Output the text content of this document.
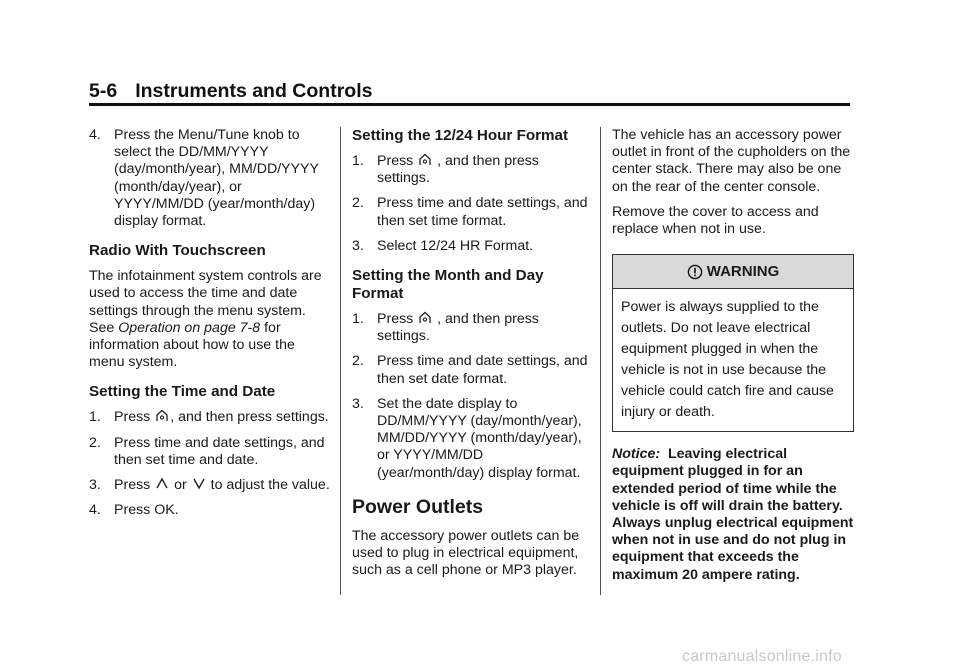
5-6 Instruments and Controls
4. Press the Menu/Tune knob to select the DD/MM/YYYY (day/month/year), MM/DD/YYYY (month/day/year), or YYYY/MM/DD (year/month/day) display format.
Radio With Touchscreen

The infotainment system controls are used to access the time and date settings through the menu system. See Operation on page 7‑8 for information about how to use the menu system.

Setting the Time and Date
1. Press
, and then press settings.
2. Press time and date settings, and then set time and date.
3. Press
or
to adjust the value.
4. Press OK.
Setting the 12/24 Hour Format
1. Press
, and then press settings.
2. Press time and date settings, and then set time format.
3. Select 12/24 HR Format.
Setting the Month and Day Format
1. Press
, and then press settings.
2. Press time and date settings, and then set date format.
3. Set the date display to DD/MM/YYYY (day/month/year), MM/DD/YYYY (month/day/year), or YYYY/MM/DD (year/month/day) display format.
Power Outlets

The accessory power outlets can be used to plug in electrical equipment, such as a cell phone or MP3 player.

The vehicle has an accessory power outlet in front of the cupholders on the center stack. There may also be one on the rear of the center console.

Remove the cover to access and replace when not in use.

WARNING
Power is always supplied to the outlets. Do not leave electrical equipment plugged in when the vehicle is not in use because the vehicle could catch fire and cause injury or death.

Notice: Leaving electrical equipment plugged in for an extended period of time while the vehicle is off will drain the battery. Always unplug electrical equipment when not in use and do not plug in equipment that exceeds the maximum 20 ampere rating.

carmanualsonline.info
